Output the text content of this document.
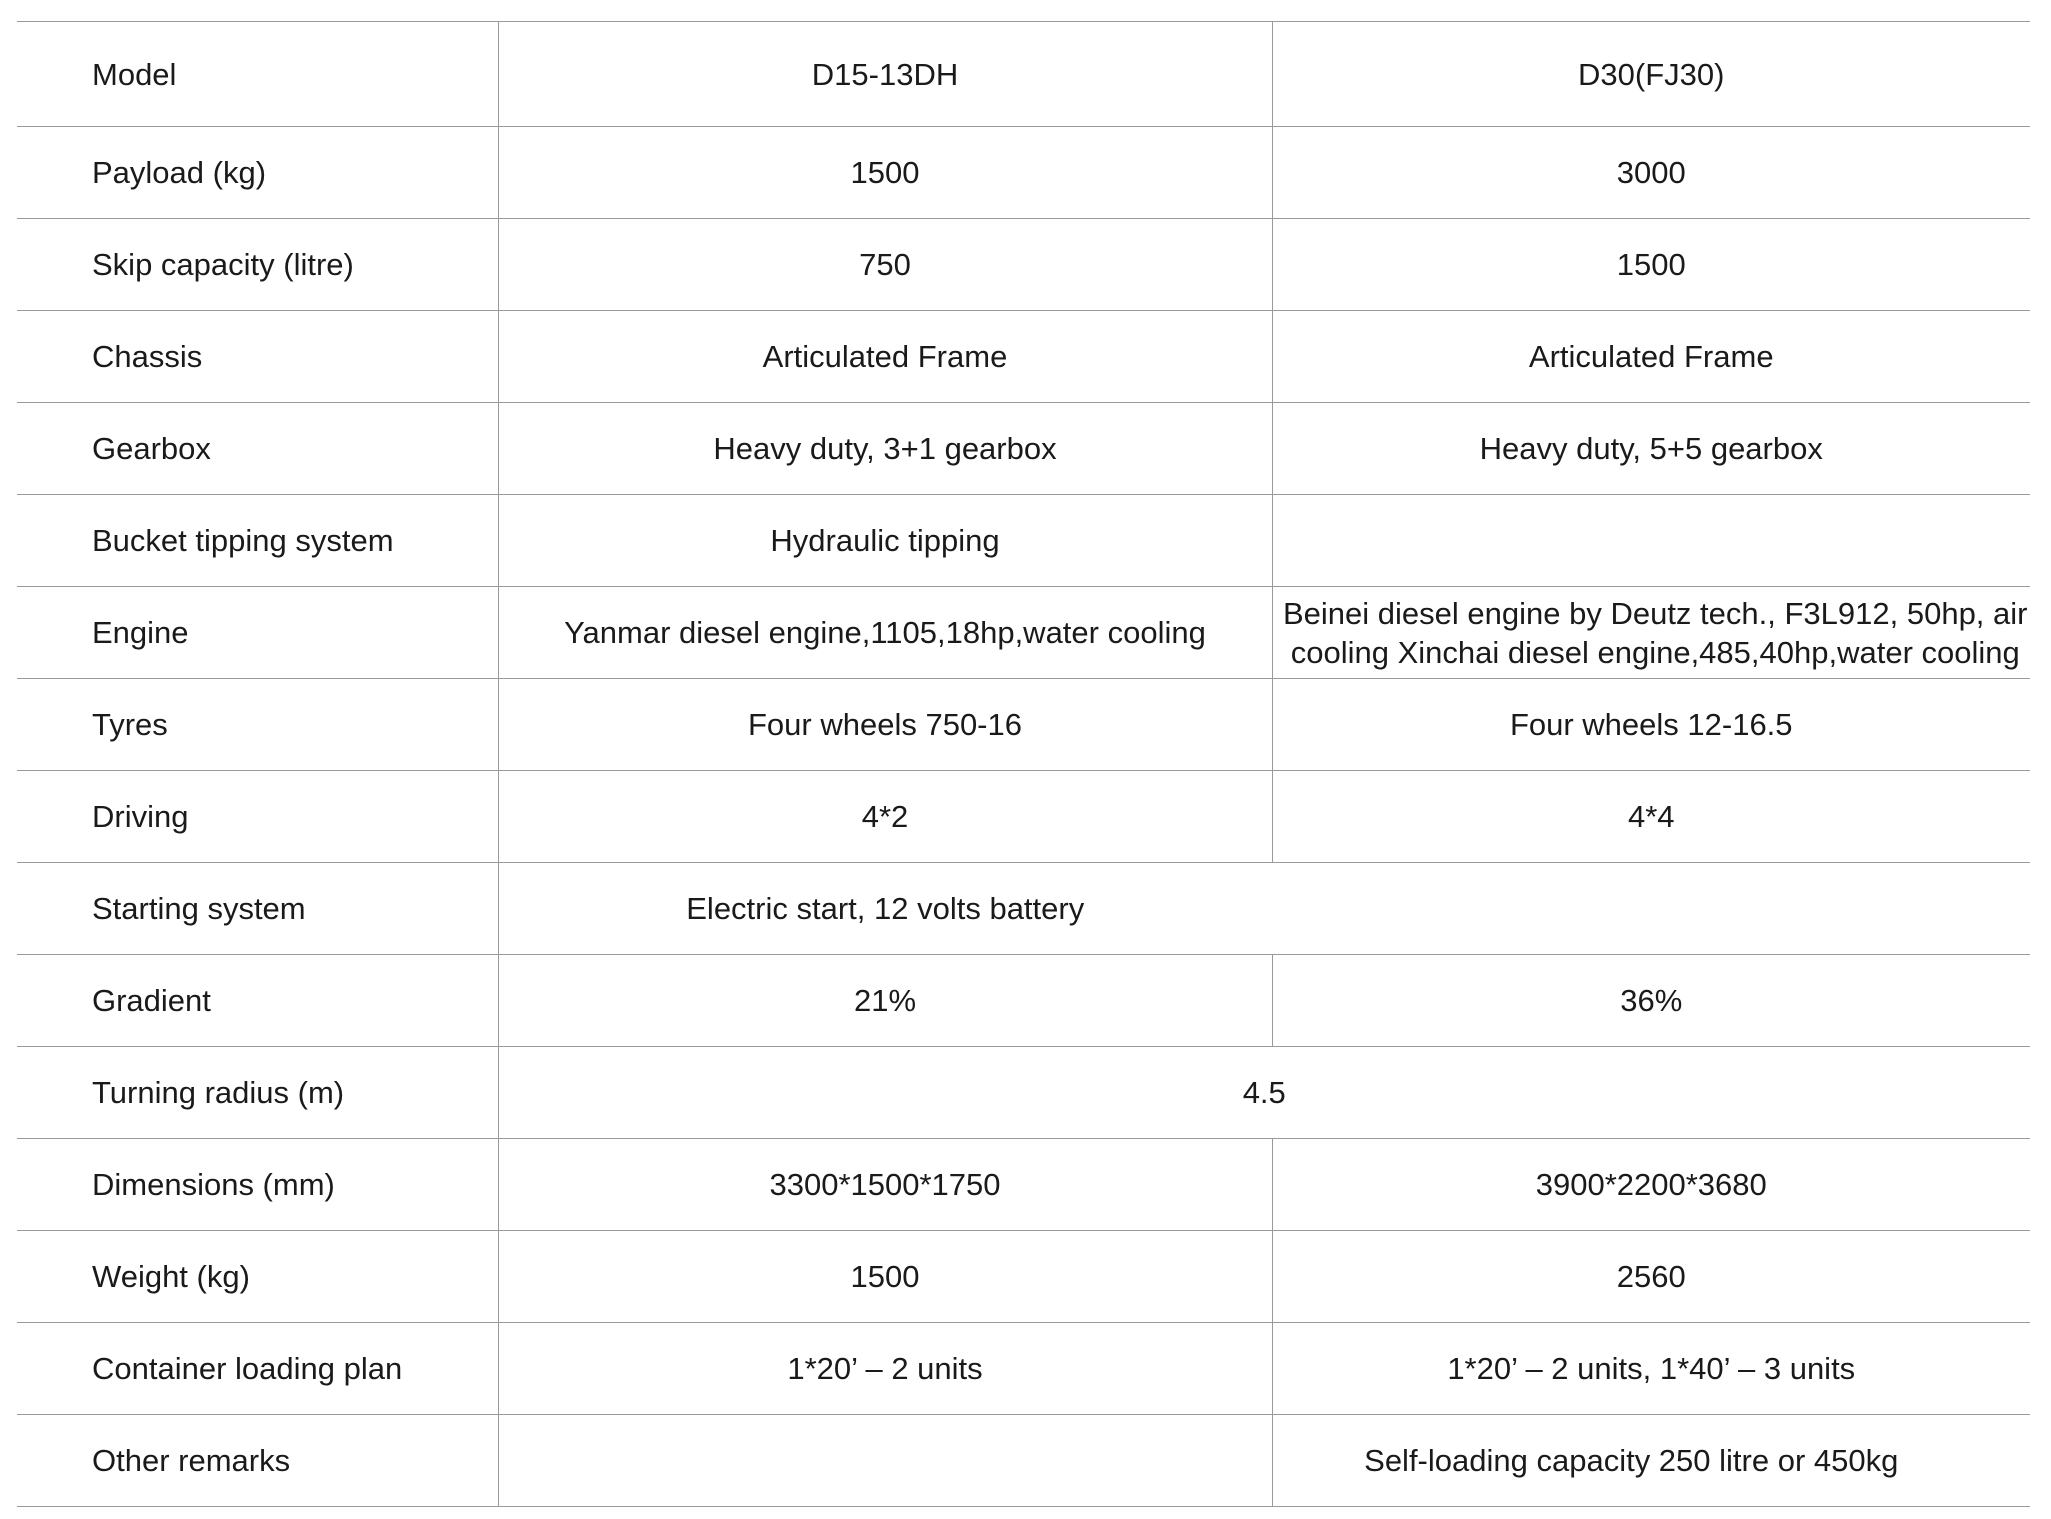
Model	D15-13DH	D30(FJ30)
Payload (kg)	1500	3000
Skip capacity (litre)	750	1500
Chassis	Articulated Frame	Articulated Frame
Gearbox	Heavy duty, 3+1 gearbox	Heavy duty, 5+5 gearbox
Bucket tipping system	Hydraulic tipping	
Engine	Yanmar diesel engine,1105,18hp,water cooling	Beinei diesel engine by Deutz tech., F3L912, 50hp, air cooling Xinchai diesel engine,485,40hp,water cooling

Tyres	Four wheels 750-16	Four wheels 12-16.5
Driving	4*2	4*4
Starting system	Electric start, 12 volts battery	
Gradient	21%	36%
Turning radius (m)	4.5	
Dimensions (mm)	3300*1500*1750	3900*2200*3680
Weight (kg)	1500	2560
Container loading plan	1*20’ – 2 units	1*20’ – 2 units, 1*40’ – 3 units
Other remarks		Self-loading capacity 250 litre or 450kg
